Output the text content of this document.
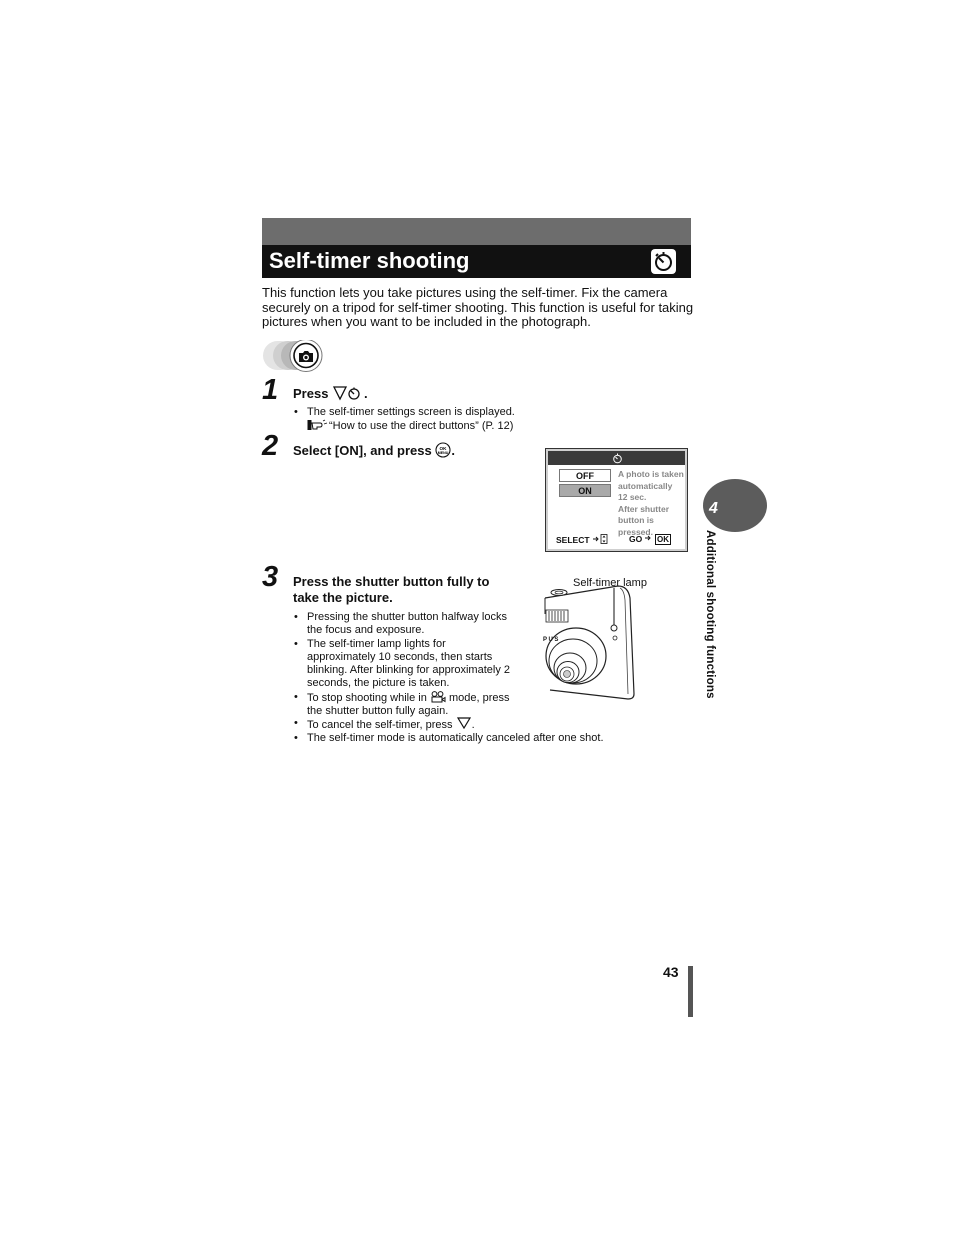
Self-timer shooting
This function lets you take pictures using the self-timer. Fix the camera securely on a tripod for self-timer shooting. This function is useful for taking pictures when you want to be included in the photograph.
1 Press	.
• The self-timer settings screen is displayed.
“How to use the direct buttons” (P. 12)
2 Select [ON], and press OK
MENU .
OFF
ON
A photo is taken
automatically
12 sec.
After shutter
button is pressed.
SELECT	GO OK
3 Press the shutter button fully to
take the picture.
• Pressing the shutter button halfway locks the focus and exposure.
• The self-timer lamp lights for approximately 10 seconds, then starts blinking. After blinking for approximately 2 seconds, the picture is taken.
• To stop shooting while in mode, press the shutter button fully again.
• To cancel the self-timer, press .
• The self-timer mode is automatically canceled after one shot.
Self-timer lamp
PUS
4
Additional shooting functions
43
